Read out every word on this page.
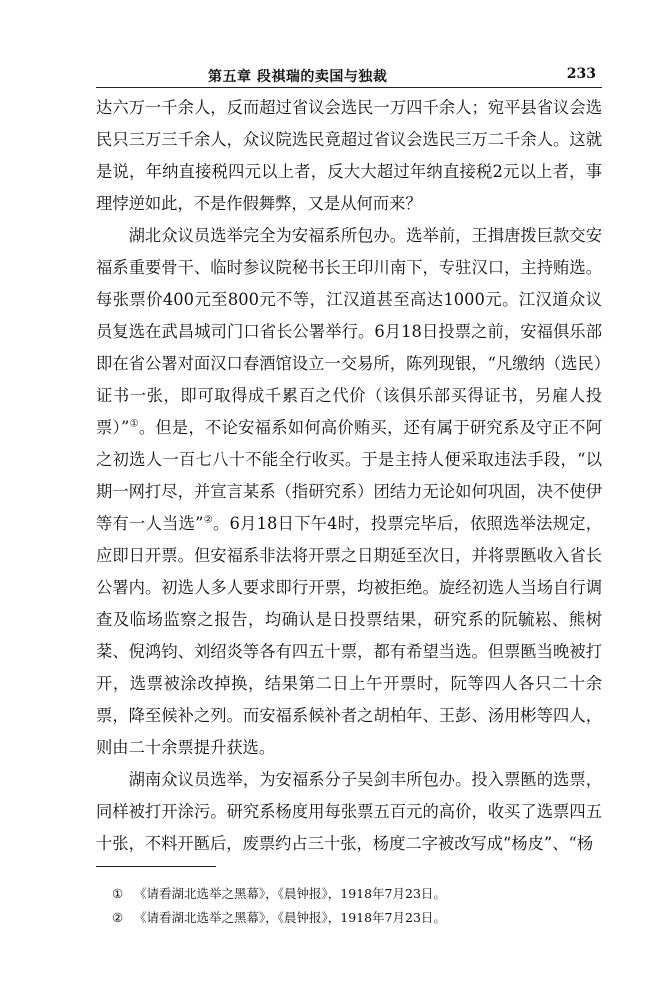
第五章 段祺瑞的卖国与独裁	233

达六万一千余人，反而超过省议会选民一万四千余人；宛平县省议会选民只三万三千余人，众议院选民竟超过省议会选民三万二千余人。这就是说，年纳直接税四元以上者，反大大超过年纳直接税2元以上者，事理悖逆如此，不是作假舞弊，又是从何而来？

湖北众议员选举完全为安福系所包办。选举前，王揖唐拨巨款交安福系重要骨干、临时参议院秘书长王印川南下，专驻汉口，主持贿选。每张票价400元至800元不等，江汉道甚至高达1000元。江汉道众议员复选在武昌城司门口省长公署举行。6月18日投票之前，安福俱乐部即在省公署对面汉口春酒馆设立一交易所，陈列现银，“凡缴纳（选民）证书一张，即可取得成千累百之代价（该俱乐部买得证书，另雇人投票）”①。但是，不论安福系如何高价贿买，还有属于研究系及守正不阿之初选人一百七八十不能全行收买。于是主持人便采取违法手段，“以期一网打尽，并宣言某系（指研究系）团结力无论如何巩固，决不使伊等有一人当选”②。6月18日下午4时，投票完毕后，依照选举法规定，应即日开票。但安福系非法将开票之日期延至次日，并将票匦收入省长公署内。初选人多人要求即行开票，均被拒绝。旋经初选人当场自行调查及临场监察之报告，均确认是日投票结果，研究系的阮毓崧、熊树棻、倪鸿钧、刘绍炎等各有四五十票，都有希望当选。但票匦当晚被打开，选票被涂改掉换，结果第二日上午开票时，阮等四人各只二十余票，降至候补之列。而安福系候补者之胡柏年、王彭、汤用彬等四人，则由二十余票提升获选。

湖南众议员选举，为安福系分子吴剑丰所包办。投入票匦的选票，同样被打开涂污。研究系杨度用每张票五百元的高价，收买了选票四五十张，不料开匦后，废票约占三十张，杨度二字被改写成“杨皮”、“杨

① 《请看湖北选举之黑幕》，《晨钟报》，1918年7月23日。
② 《请看湖北选举之黑幕》，《晨钟报》，1918年7月23日。
